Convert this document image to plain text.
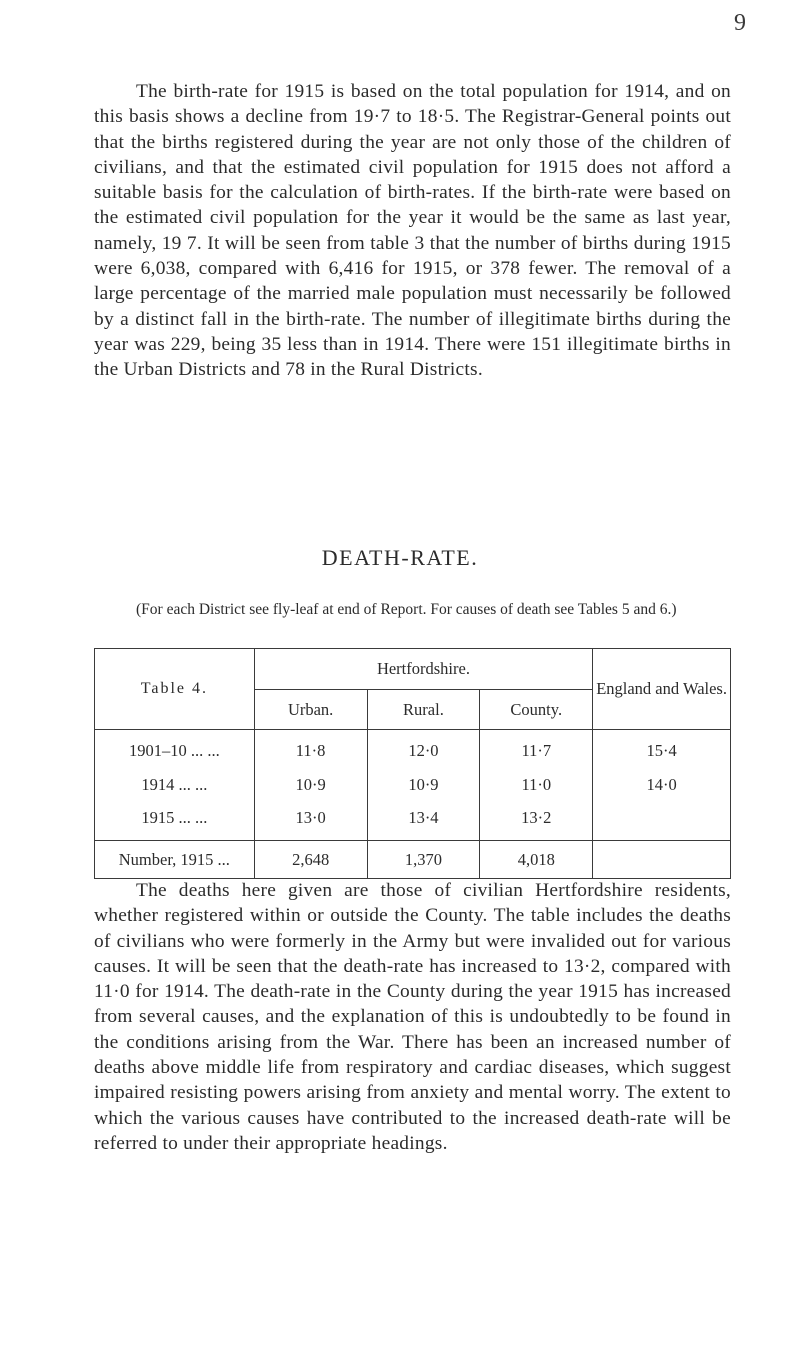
9

The birth-rate for 1915 is based on the total population for 1914, and on this basis shows a decline from 19·7 to 18·5. The Registrar-General points out that the births registered during the year are not only those of the children of civilians, and that the estimated civil population for 1915 does not afford a suitable basis for the calculation of birth-rates. If the birth-rate were based on the estimated civil population for the year it would be the same as last year, namely, 19 7. It will be seen from table 3 that the number of births during 1915 were 6,038, compared with 6,416 for 1915, or 378 fewer. The removal of a large percentage of the married male population must necessarily be followed by a distinct fall in the birth-rate. The number of illegitimate births during the year was 229, being 35 less than in 1914. There were 151 illegitimate births in the Urban Districts and 78 in the Rural Districts.

DEATH-RATE.

(For each District see fly-leaf at end of Report. For causes of death see Tables 5 and 6.)

Table 4.	Hertfordshire.			England and Wales.
	Urban.	Rural.	County.	
1901–10 ... ...	11·8	12·0	11·7	15·4
1914 ... ...	10·9	10·9	11·0	14·0
1915 ... ...	13·0	13·4	13·2	
Number, 1915 ...	2,648	1,370	4,018	

The deaths here given are those of civilian Hertfordshire residents, whether registered within or outside the County. The table includes the deaths of civilians who were formerly in the Army but were invalided out for various causes. It will be seen that the death-rate has increased to 13·2, compared with 11·0 for 1914. The death-rate in the County during the year 1915 has increased from several causes, and the explanation of this is undoubtedly to be found in the conditions arising from the War. There has been an increased number of deaths above middle life from respiratory and cardiac diseases, which suggest impaired resisting powers arising from anxiety and mental worry. The extent to which the various causes have contributed to the increased death-rate will be referred to under their appropriate headings.
